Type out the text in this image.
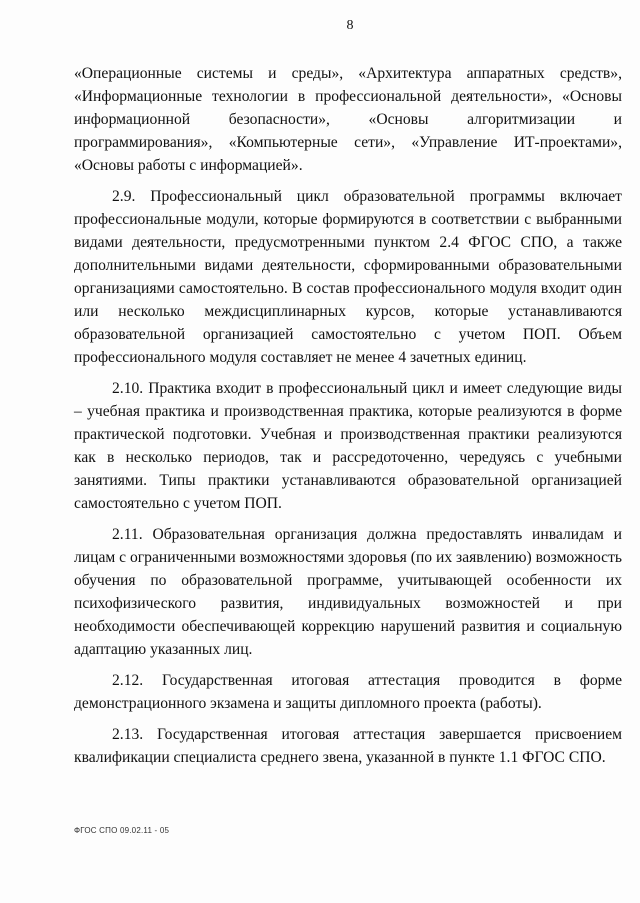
8

«Операционные системы и среды», «Архитектура аппаратных средств», «Информационные технологии в профессиональной деятельности», «Основы информационной безопасности», «Основы алгоритмизации и программирования», «Компьютерные сети», «Управление ИТ-проектами», «Основы работы с информацией».

2.9. Профессиональный цикл образовательной программы включает профессиональные модули, которые формируются в соответствии с выбранными видами деятельности, предусмотренными пунктом 2.4 ФГОС СПО, а также дополнительными видами деятельности, сформированными образовательными организациями самостоятельно. В состав профессионального модуля входит один или несколько междисциплинарных курсов, которые устанавливаются образовательной организацией самостоятельно с учетом ПОП. Объем профессионального модуля составляет не менее 4 зачетных единиц.

2.10. Практика входит в профессиональный цикл и имеет следующие виды – учебная практика и производственная практика, которые реализуются в форме практической подготовки. Учебная и производственная практики реализуются как в несколько периодов, так и рассредоточенно, чередуясь с учебными занятиями. Типы практики устанавливаются образовательной организацией самостоятельно с учетом ПОП.

2.11. Образовательная организация должна предоставлять инвалидам и лицам с ограниченными возможностями здоровья (по их заявлению) возможность обучения по образовательной программе, учитывающей особенности их психофизического развития, индивидуальных возможностей и при необходимости обеспечивающей коррекцию нарушений развития и социальную адаптацию указанных лиц.

2.12. Государственная итоговая аттестация проводится в форме демонстрационного экзамена и защиты дипломного проекта (работы).

2.13. Государственная итоговая аттестация завершается присвоением квалификации специалиста среднего звена, указанной в пункте 1.1 ФГОС СПО.

ФГОС СПО 09.02.11 - 05
